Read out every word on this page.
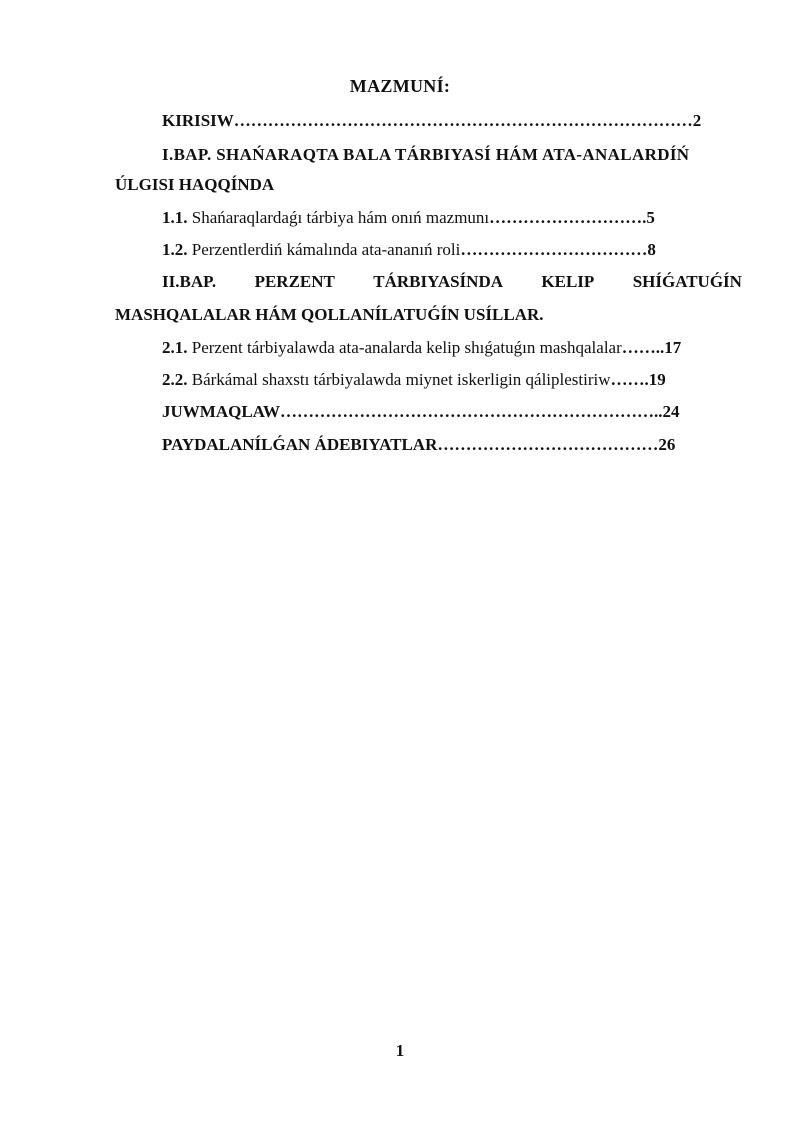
MAZMUNÍ:
KIRISIW………………………………………………………………………2
I.BAP. SHAŃARAQTA BALA TÁRBIYASÍ HÁM ATA-ANALARDÍŃ
ÚLGISI HAQQÍNDA
1.1. Shańaraqlardaǵı tárbiya hám onıń mazmunı……………………….5
1.2. Perzentlerdiń kámalında ata-ananıń roli……………………………8
II.BAP. PERZENT TÁRBIYASÍNDA KELIP SHÍǴATUǴÍN
MASHQALALAR HÁM QOLLANÍLATUǴÍN USÍLLAR.
2.1. Perzent tárbiyalawda ata-analarda kelip shıǵatuǵın mashqalalar……..17
2.2. Bárkámal shaxstı tárbiyalawda miynet iskerligin qáliplestiriw…….19
JUWMAQLAW…………………………………………………………..24
PAYDALANÍLǴAN ÁDEBIYATLAR…………………………………26
1
